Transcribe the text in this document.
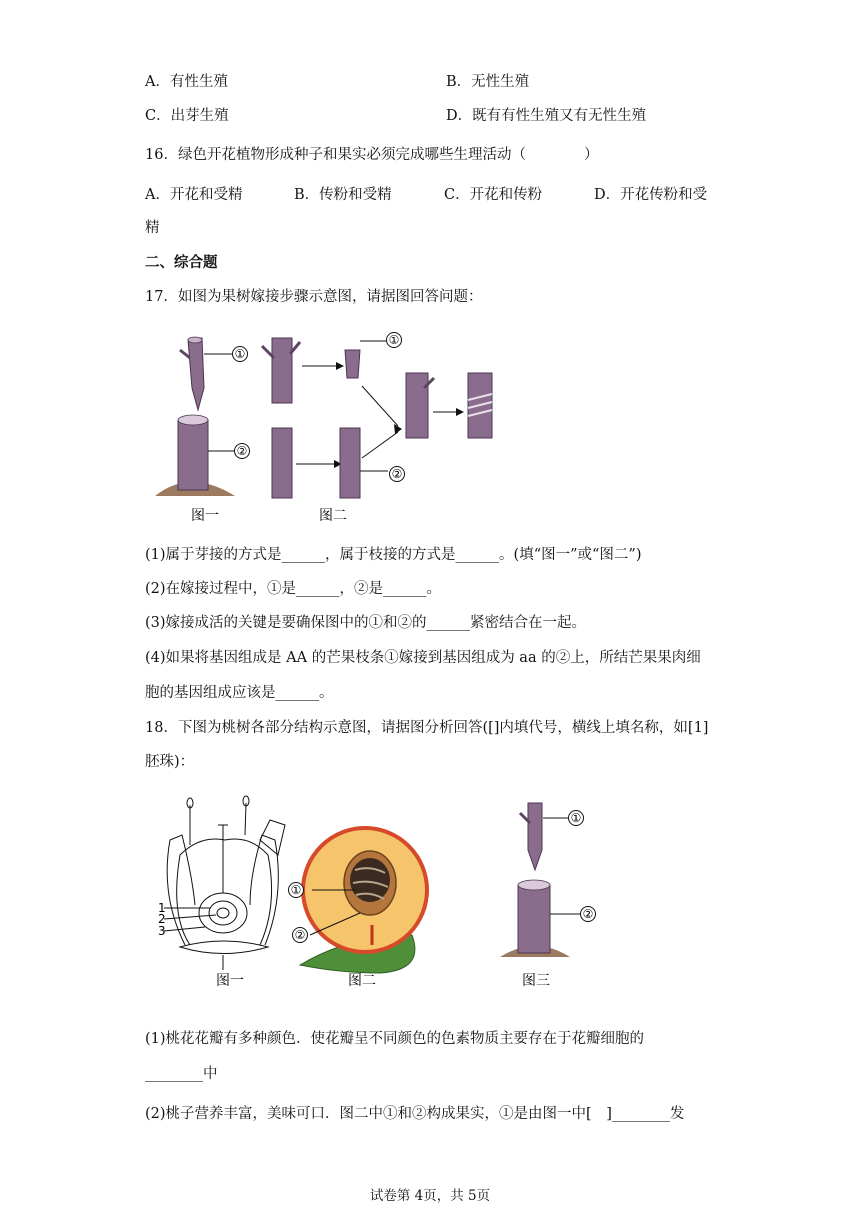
A．有性生殖	B．无性生殖
C．出芽生殖	D．既有有性生殖又有无性生殖
16．绿色开花植物形成种子和果实必须完成哪些生理活动（　　　　）
A．开花和受精	B．传粉和受精	C．开花和传粉	D．开花传粉和受
精
二、综合题
17．如图为果树嫁接步骤示意图，请据图回答问题：
①
②
①
②
图一	图二
(1)属于芽接的方式是______，属于枝接的方式是______。(填“图一”或“图二”)
(2)在嫁接过程中，①是______，②是______。
(3)嫁接成活的关键是要确保图中的①和②的______紧密结合在一起。
(4)如果将基因组成是 AA 的芒果枝条①嫁接到基因组成为 aa 的②上，所结芒果果肉细
胞的基因组成应该是______。
18．下图为桃树各部分结构示意图，请据图分析回答([]内填代号，横线上填名称，如[1]
胚珠)：
1
2
3
图一
①
②
图二
①
②
图三
(1)桃花花瓣有多种颜色．使花瓣呈不同颜色的色素物质主要存在于花瓣细胞的
________中
(2)桃子营养丰富，美味可口．图二中①和②构成果实，①是由图一中[　]________发
试卷第 4页，共 5页
